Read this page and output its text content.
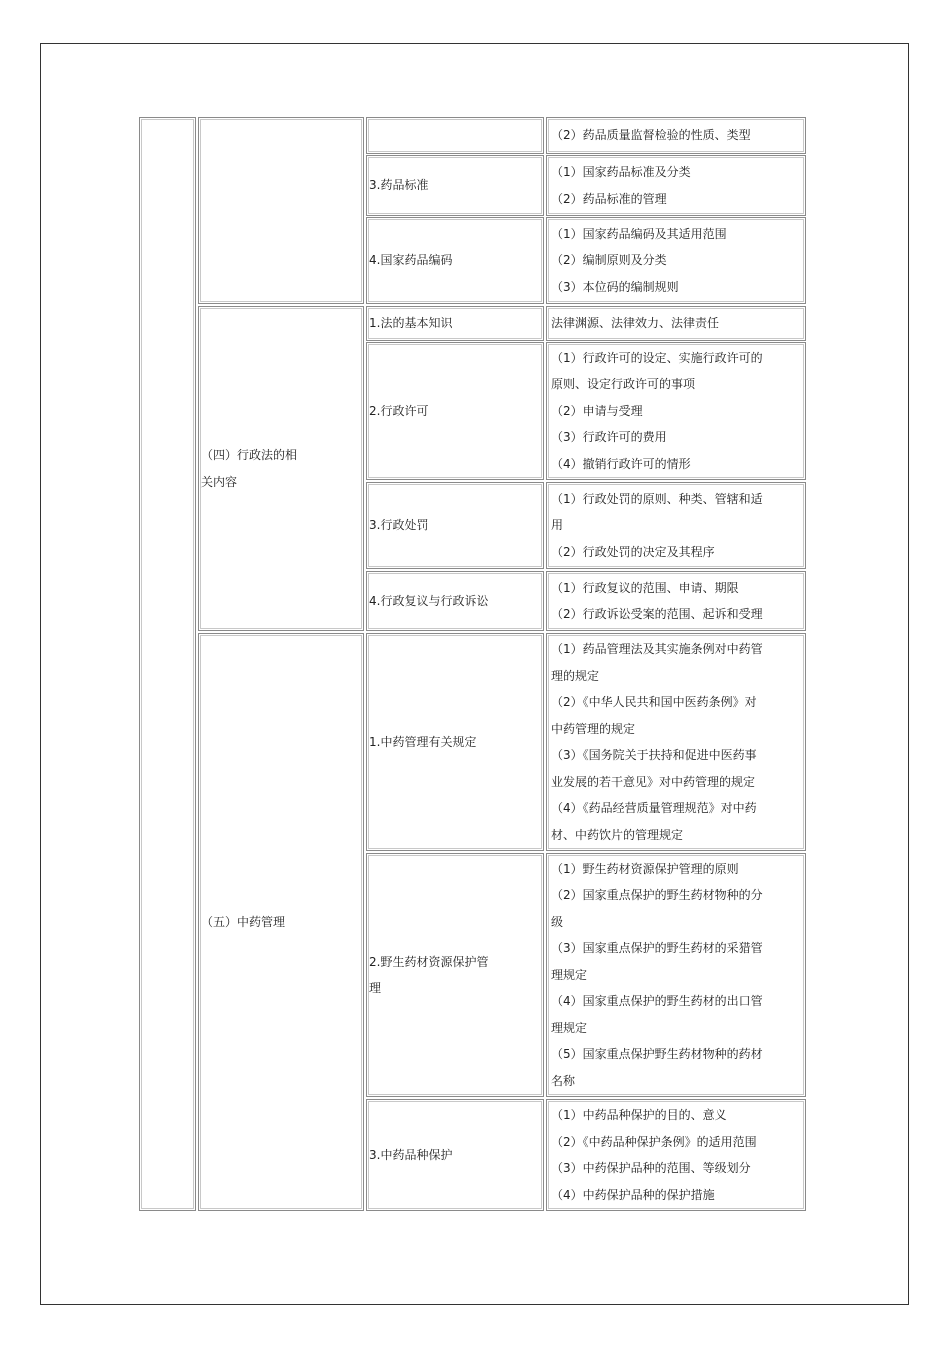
（2）药品质量监督检验的性质、类型
3.药品标准
（1）国家药品标准及分类
（2）药品标准的管理
4.国家药品编码
（1）国家药品编码及其适用范围
（2）编制原则及分类
（3）本位码的编制规则
（四）行政法的相
关内容
1.法的基本知识	法律渊源、法律效力、法律责任
2.行政许可
（1）行政许可的设定、实施行政许可的
原则、设定行政许可的事项
（2）申请与受理
（3）行政许可的费用
（4）撤销行政许可的情形
3.行政处罚
（1）行政处罚的原则、种类、管辖和适
用
（2）行政处罚的决定及其程序
4.行政复议与行政诉讼
（1）行政复议的范围、申请、期限
（2）行政诉讼受案的范围、起诉和受理
（五）中药管理
1.中药管理有关规定
（1）药品管理法及其实施条例对中药管
理的规定
（2）《中华人民共和国中医药条例》对
中药管理的规定
（3）《国务院关于扶持和促进中医药事
业发展的若干意见》对中药管理的规定
（4）《药品经营质量管理规范》对中药
材、中药饮片的管理规定
2.野生药材资源保护管
理
（1）野生药材资源保护管理的原则
（2）国家重点保护的野生药材物种的分
级
（3）国家重点保护的野生药材的采猎管
理规定
（4）国家重点保护的野生药材的出口管
理规定
（5）国家重点保护野生药材物种的药材
名称
3.中药品种保护
（1）中药品种保护的目的、意义
（2）《中药品种保护条例》的适用范围
（3）中药保护品种的范围、等级划分
（4）中药保护品种的保护措施
